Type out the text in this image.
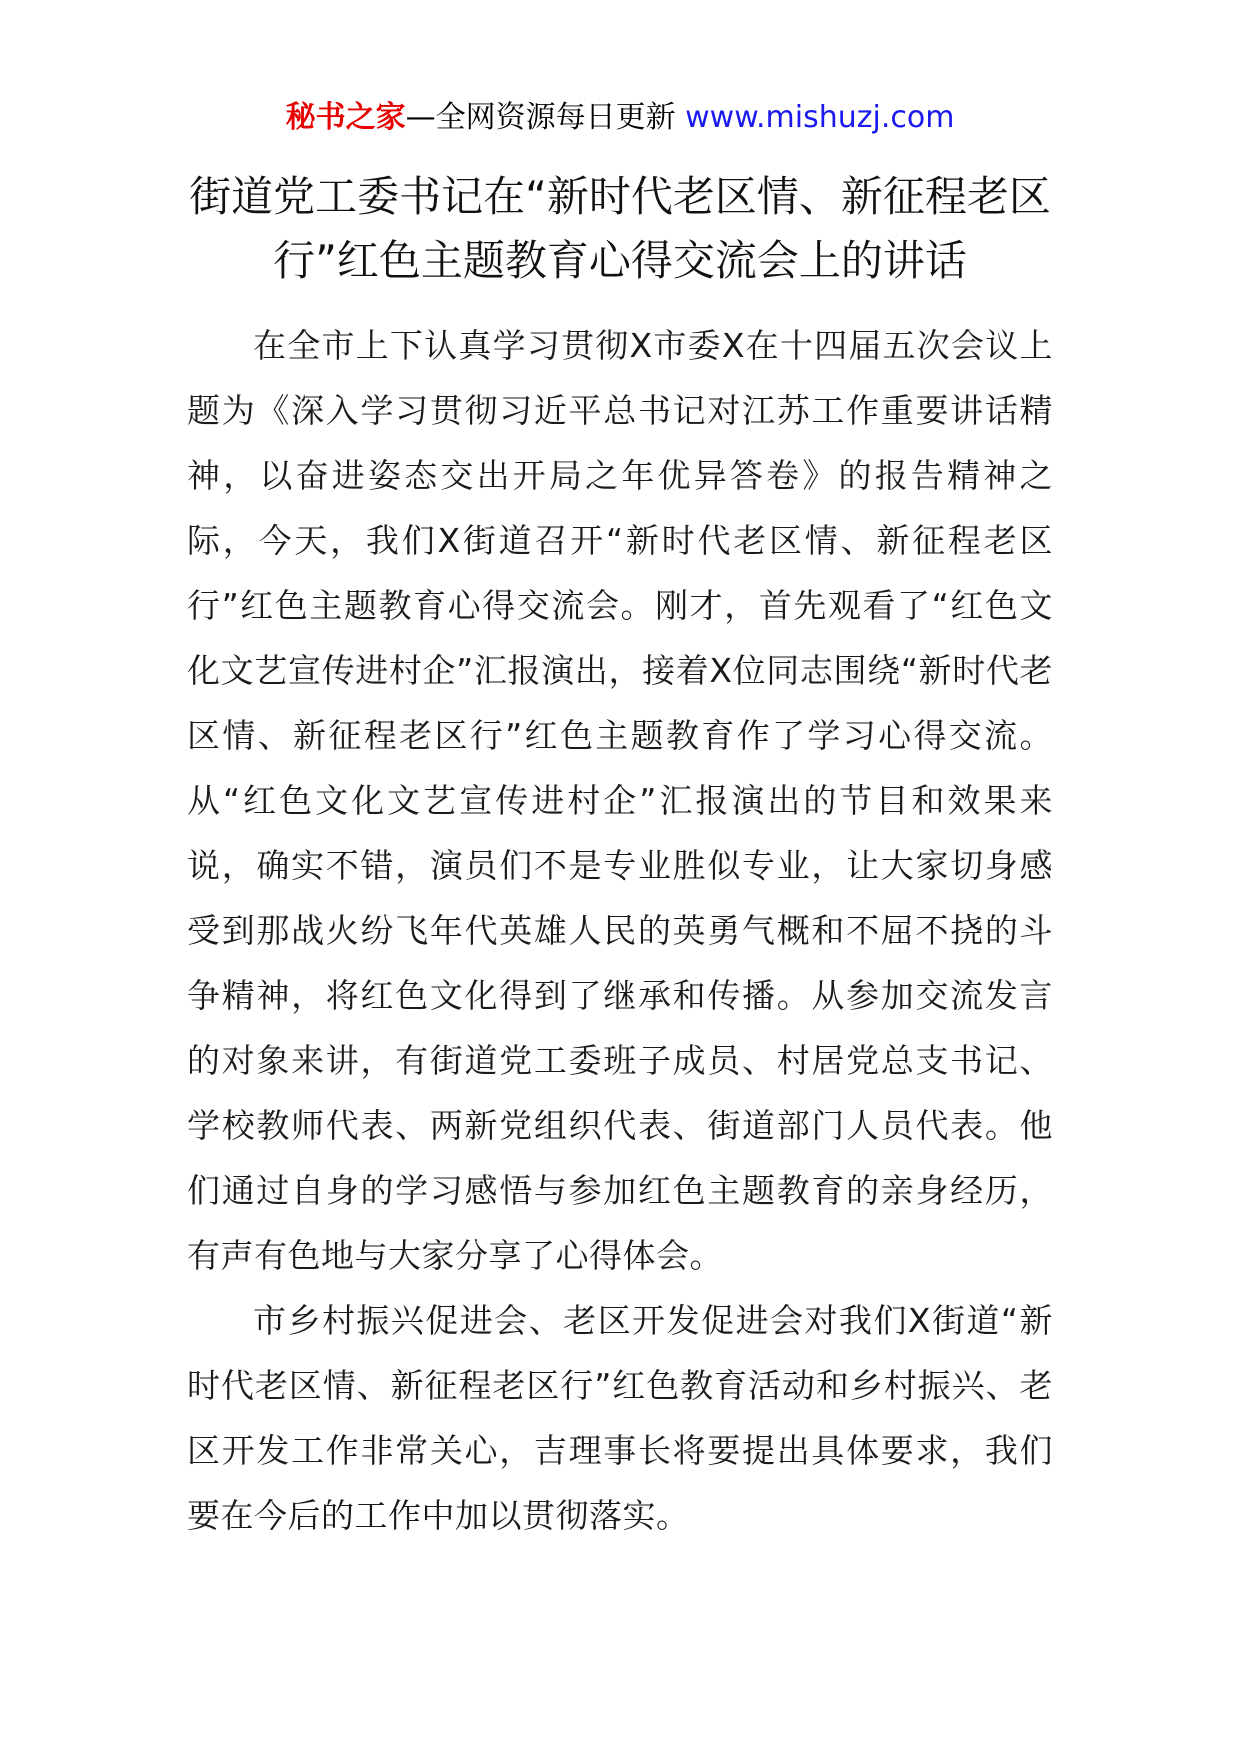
秘书之家—全网资源每日更新 www.mishuzj.com
街道党工委书记在“新时代老区情、新征程老区行”红色主题教育心得交流会上的讲话

在全市上下认真学习贯彻X市委X在十四届五次会议上题为《深入学习贯彻习近平总书记对江苏工作重要讲话精神，以奋进姿态交出开局之年优异答卷》的报告精神之际，今天，我们X街道召开“新时代老区情、新征程老区行”红色主题教育心得交流会。刚才，首先观看了“红色文化文艺宣传进村企”汇报演出，接着X位同志围绕“新时代老区情、新征程老区行”红色主题教育作了学习心得交流。从“红色文化文艺宣传进村企”汇报演出的节目和效果来说，确实不错，演员们不是专业胜似专业，让大家切身感受到那战火纷飞年代英雄人民的英勇气概和不屈不挠的斗争精神，将红色文化得到了继承和传播。从参加交流发言的对象来讲，有街道党工委班子成员、村居党总支书记、学校教师代表、两新党组织代表、街道部门人员代表。他们通过自身的学习感悟与参加红色主题教育的亲身经历，有声有色地与大家分享了心得体会。

市乡村振兴促进会、老区开发促进会对我们X街道“新时代老区情、新征程老区行”红色教育活动和乡村振兴、老区开发工作非常关心，吉理事长将要提出具体要求，我们要在今后的工作中加以贯彻落实。
